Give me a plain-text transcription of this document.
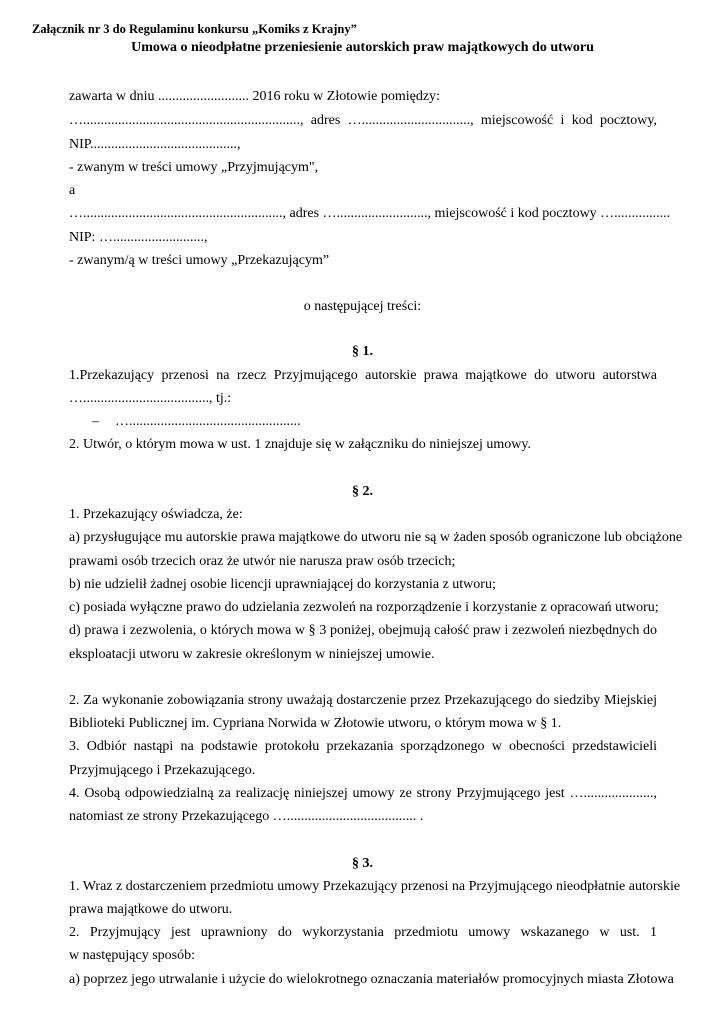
Załącznik nr 3 do Regulaminu konkursu „Komiks z Krajny”
Umowa o nieodpłatne przeniesienie autorskich praw majątkowych do utworu
zawarta w dniu .......................... 2016 roku w Złotowie pomiędzy:
….............................................................., adres …..............................., miejscowość i kod pocztowy,
NIP..........................................,
- zwanym w treści umowy „Przyjmującym",
a
…........................................................., adres ….........................., miejscowość i kod pocztowy …................
NIP: …..........................,
- zwanym/ą w treści umowy „Przekazującym”
o następującej treści:
§ 1.
1.Przekazujący przenosi na rzecz Przyjmującego autorskie prawa majątkowe do utworu autorstwa
…...................................., tj.:
–	….................................................
2. Utwór, o którym mowa w ust. 1 znajduje się w załączniku do niniejszej umowy.
§ 2.
1. Przekazujący oświadcza, że:
a) przysługujące mu autorskie prawa majątkowe do utworu nie są w żaden sposób ograniczone lub obciążone
prawami osób trzecich oraz że utwór nie narusza praw osób trzecich;
b) nie udzielił żadnej osobie licencji uprawniającej do korzystania z utworu;
c) posiada wyłączne prawo do udzielania zezwoleń na rozporządzenie i korzystanie z opracowań utworu;
d) prawa i zezwolenia, o których mowa w § 3 poniżej, obejmują całość praw i zezwoleń niezbędnych do
eksploatacji utworu w zakresie określonym w niniejszej umowie.
2. Za wykonanie zobowiązania strony uważają dostarczenie przez Przekazującego do siedziby Miejskiej
Biblioteki Publicznej im. Cypriana Norwida w Złotowie utworu, o którym mowa w § 1.
3. Odbiór nastąpi na podstawie protokołu przekazania sporządzonego w obecności przedstawicieli
Przyjmującego i Przekazującego.
4. Osobą odpowiedzialną za realizację niniejszej umowy ze strony Przyjmującego jest …....................,
natomiast ze strony Przekazującego …..................................... .
§ 3.
1. Wraz z dostarczeniem przedmiotu umowy Przekazujący przenosi na Przyjmującego nieodpłatnie autorskie
prawa majątkowe do utworu.
2. Przyjmujący jest uprawniony do wykorzystania przedmiotu umowy wskazanego w ust. 1
w następujący sposób:
a) poprzez jego utrwalanie i użycie do wielokrotnego oznaczania materiałów promocyjnych miasta Złotowa
